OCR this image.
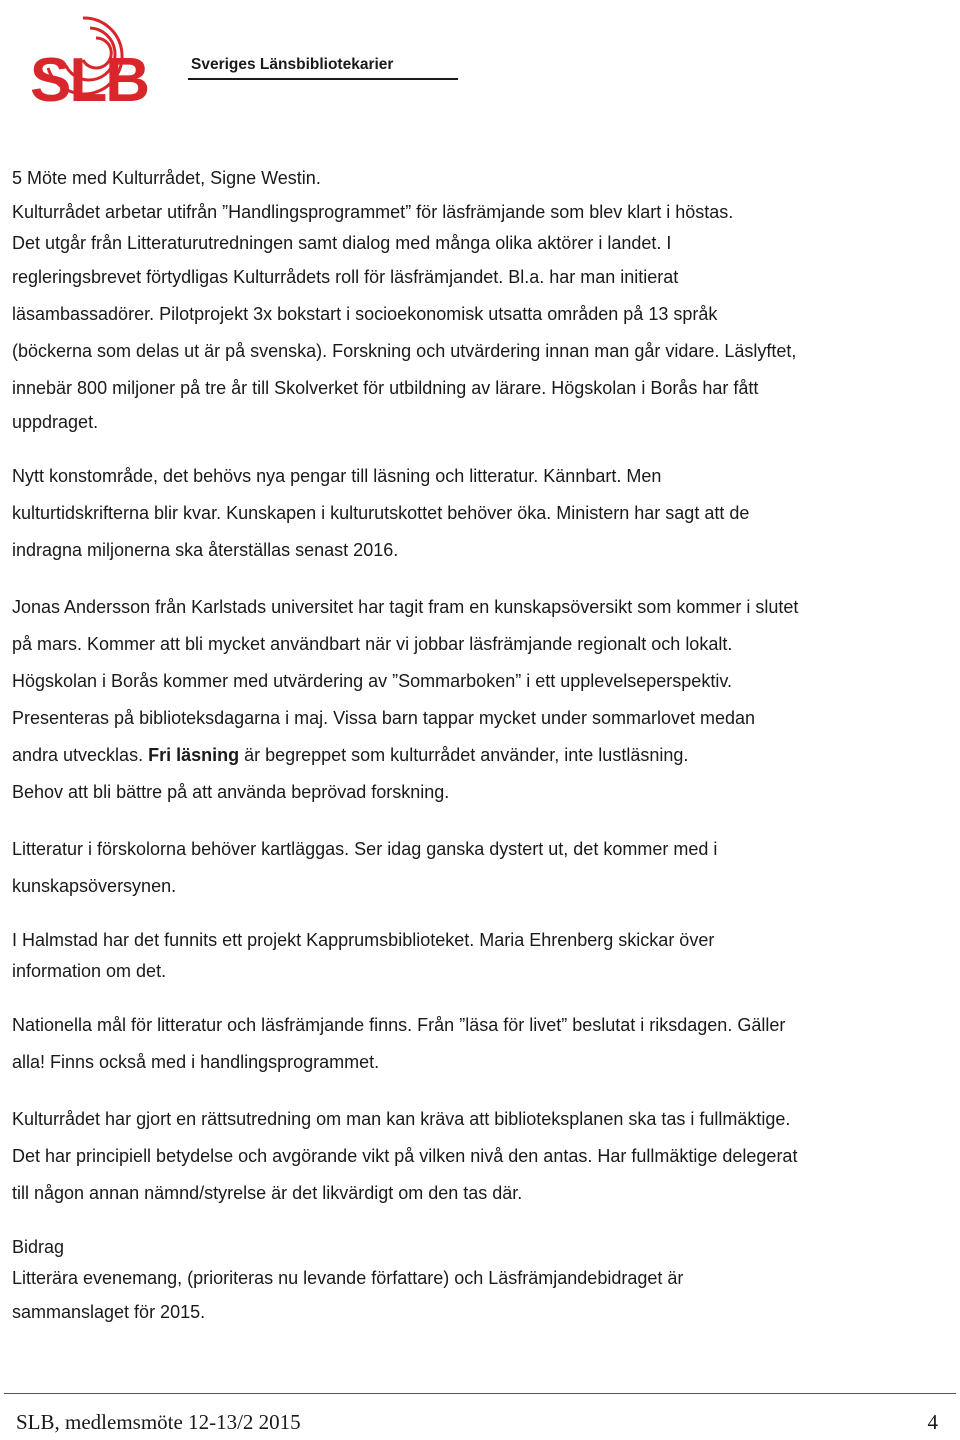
SLB	Sveriges Länsbibliotekarier

5 Möte med Kulturrådet, Signe Westin.

Kulturrådet arbetar utifrån ”Handlingsprogrammet” för läsfrämjande som blev klart i höstas.

Det utgår från Litteraturutredningen samt dialog med många olika aktörer i landet. I

regleringsbrevet förtydligas Kulturrådets roll för läsfrämjandet. Bl.a. har man initierat

läsambassadörer. Pilotprojekt 3x bokstart i socioekonomisk utsatta områden på 13 språk

(böckerna som delas ut är på svenska). Forskning och utvärdering innan man går vidare. Läslyftet,

innebär 800 miljoner på tre år till Skolverket för utbildning av lärare. Högskolan i Borås har fått

uppdraget.

Nytt konstområde, det behövs nya pengar till läsning och litteratur. Kännbart. Men

kulturtidskrifterna blir kvar. Kunskapen i kulturutskottet behöver öka. Ministern har sagt att de

indragna miljonerna ska återställas senast 2016.

Jonas Andersson från Karlstads universitet har tagit fram en kunskapsöversikt som kommer i slutet

på mars. Kommer att bli mycket användbart när vi jobbar läsfrämjande regionalt och lokalt.

Högskolan i Borås kommer med utvärdering av ”Sommarboken” i ett upplevelseperspektiv.

Presenteras på biblioteksdagarna i maj. Vissa barn tappar mycket under sommarlovet medan

andra utvecklas. Fri läsning är begreppet som kulturrådet använder, inte lustläsning.

Behov att bli bättre på att använda beprövad forskning.

Litteratur i förskolorna behöver kartläggas. Ser idag ganska dystert ut, det kommer med i

kunskapsöversynen.

I Halmstad har det funnits ett projekt Kapprumsbiblioteket. Maria Ehrenberg skickar över

information om det.

Nationella mål för litteratur och läsfrämjande finns. Från ”läsa för livet” beslutat i riksdagen. Gäller

alla! Finns också med i handlingsprogrammet.

Kulturrådet har gjort en rättsutredning om man kan kräva att biblioteksplanen ska tas i fullmäktige.

Det har principiell betydelse och avgörande vikt på vilken nivå den antas. Har fullmäktige delegerat

till någon annan nämnd/styrelse är det likvärdigt om den tas där.

Bidrag

Litterära evenemang, (prioriteras nu levande författare) och Läsfrämjandebidraget är

sammanslaget för 2015.

SLB, medlemsmöte 12-13/2 2015	4
